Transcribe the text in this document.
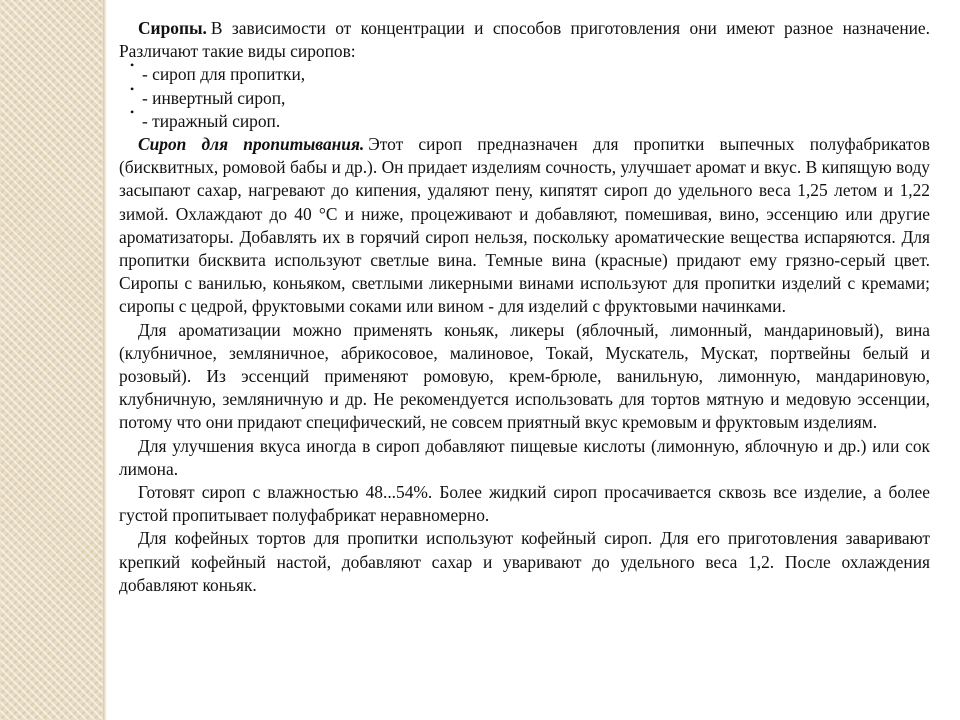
Сиропы. В зависимости от концентрации и способов приготовления они имеют разное назначение. Различают такие виды сиропов:

• - сироп для пропитки,
• - инвертный сироп,
• - тиражный сироп.

Сироп для пропитывания. Этот сироп предназначен для пропитки выпечных полуфабрикатов (бисквитных, ромовой бабы и др.). Он придает изделиям сочность, улучшает аромат и вкус. В кипящую воду засыпают сахар, нагревают до кипения, удаляют пену, кипятят сироп до удельного веса 1,25 летом и 1,22 зимой. Охлаждают до 40 °С и ниже, процеживают и добавляют, помешивая, вино, эссенцию или другие ароматизаторы. Добавлять их в горячий сироп нельзя, поскольку ароматические вещества испаряются. Для пропитки бисквита используют светлые вина. Темные вина (красные) придают ему грязно-серый цвет. Сиропы с ванилью, коньяком, светлыми ликерными винами используют для пропитки изделий с кремами; сиропы с цедрой, фруктовыми соками или вином - для изделий с фруктовыми начинками.

Для ароматизации можно применять коньяк, ликеры (яблочный, лимонный, мандариновый), вина (клубничное, земляничное, абрикосовое, малиновое, Токай, Мускатель, Мускат, портвейны белый и розовый). Из эссенций применяют ромовую, крем-брюле, ванильную, лимонную, мандариновую, клубничную, земляничную и др. Не рекомендуется использовать для тортов мятную и медовую эссенции, потому что они придают специфический, не совсем приятный вкус кремовым и фруктовым изделиям.

Для улучшения вкуса иногда в сироп добавляют пищевые кислоты (лимонную, яблочную и др.) или сок лимона.

Готовят сироп с влажностью 48...54%. Более жидкий сироп просачивается сквозь все изделие, а более густой пропитывает полуфабрикат неравномерно.

Для кофейных тортов для пропитки используют кофейный сироп. Для его приготовления заваривают крепкий кофейный настой, добавляют сахар и уваривают до удельного веса 1,2. После охлаждения добавляют коньяк.
